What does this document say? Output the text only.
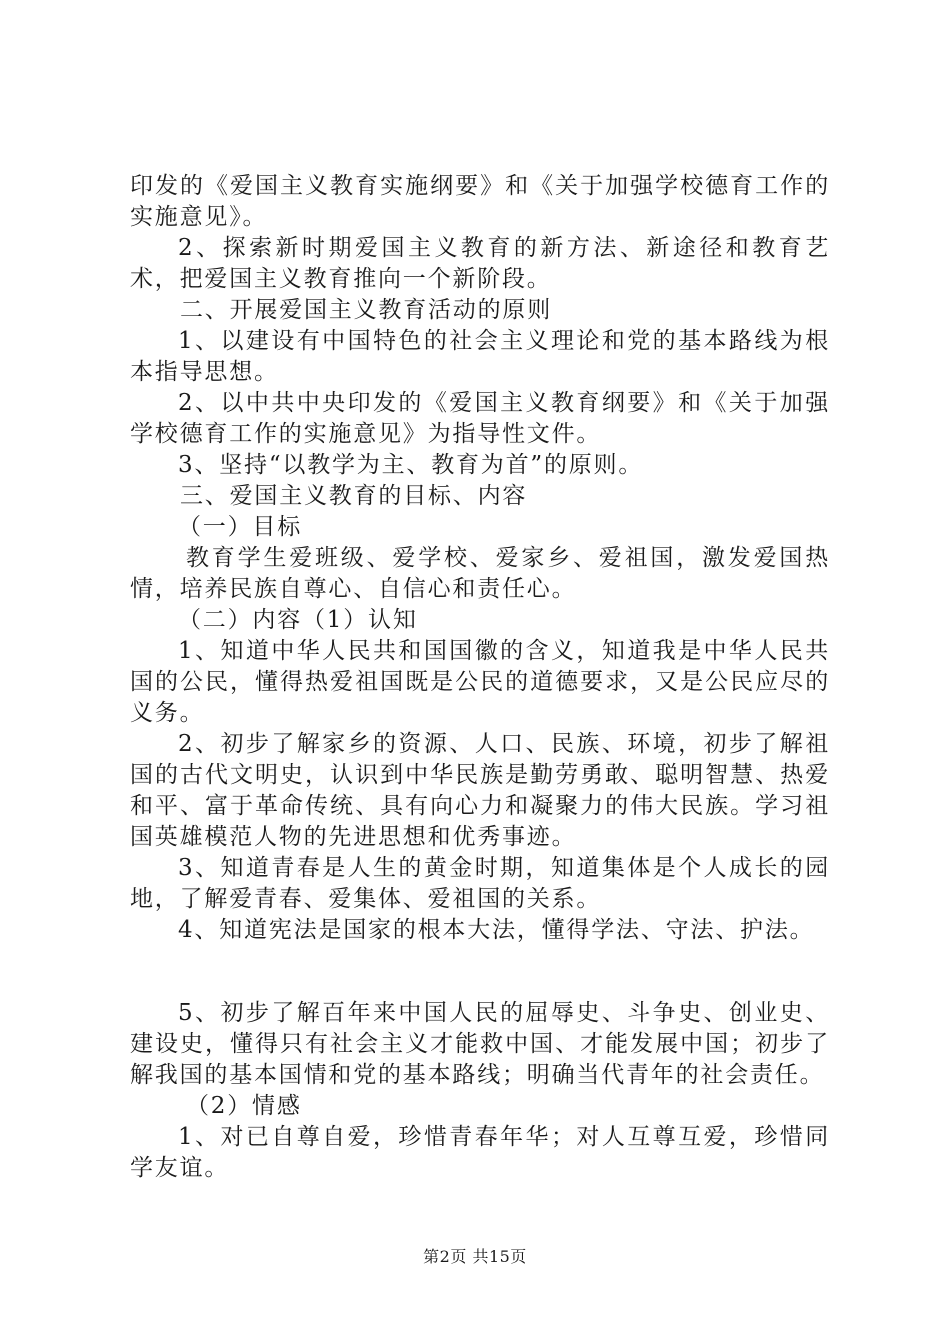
印发的《爱国主义教育实施纲要》和《关于加强学校德育工作的实施意见》。

2、探索新时期爱国主义教育的新方法、新途径和教育艺术，把爱国主义教育推向一个新阶段。

二、开展爱国主义教育活动的原则

1、以建设有中国特色的社会主义理论和党的基本路线为根本指导思想。

2、以中共中央印发的《爱国主义教育纲要》和《关于加强学校德育工作的实施意见》为指导性文件。

3、坚持“以教学为主、教育为首”的原则。

三、爱国主义教育的目标、内容

（一）目标

教育学生爱班级、爱学校、爱家乡、爱祖国，激发爱国热情，培养民族自尊心、自信心和责任心。

（二）内容（1）认知

1、知道中华人民共和国国徽的含义，知道我是中华人民共国的公民，懂得热爱祖国既是公民的道德要求，又是公民应尽的义务。

2、初步了解家乡的资源、人口、民族、环境，初步了解祖国的古代文明史，认识到中华民族是勤劳勇敢、聪明智慧、热爱和平、富于革命传统、具有向心力和凝聚力的伟大民族。学习祖国英雄模范人物的先进思想和优秀事迹。

3、知道青春是人生的黄金时期，知道集体是个人成长的园地，了解爱青春、爱集体、爱祖国的关系。

4、知道宪法是国家的根本大法，懂得学法、守法、护法。

5、初步了解百年来中国人民的屈辱史、斗争史、创业史、建设史，懂得只有社会主义才能救中国、才能发展中国；初步了解我国的基本国情和党的基本路线；明确当代青年的社会责任。

（2）情感

1、对已自尊自爱，珍惜青春年华；对人互尊互爱，珍惜同学友谊。

第2页 共15页
